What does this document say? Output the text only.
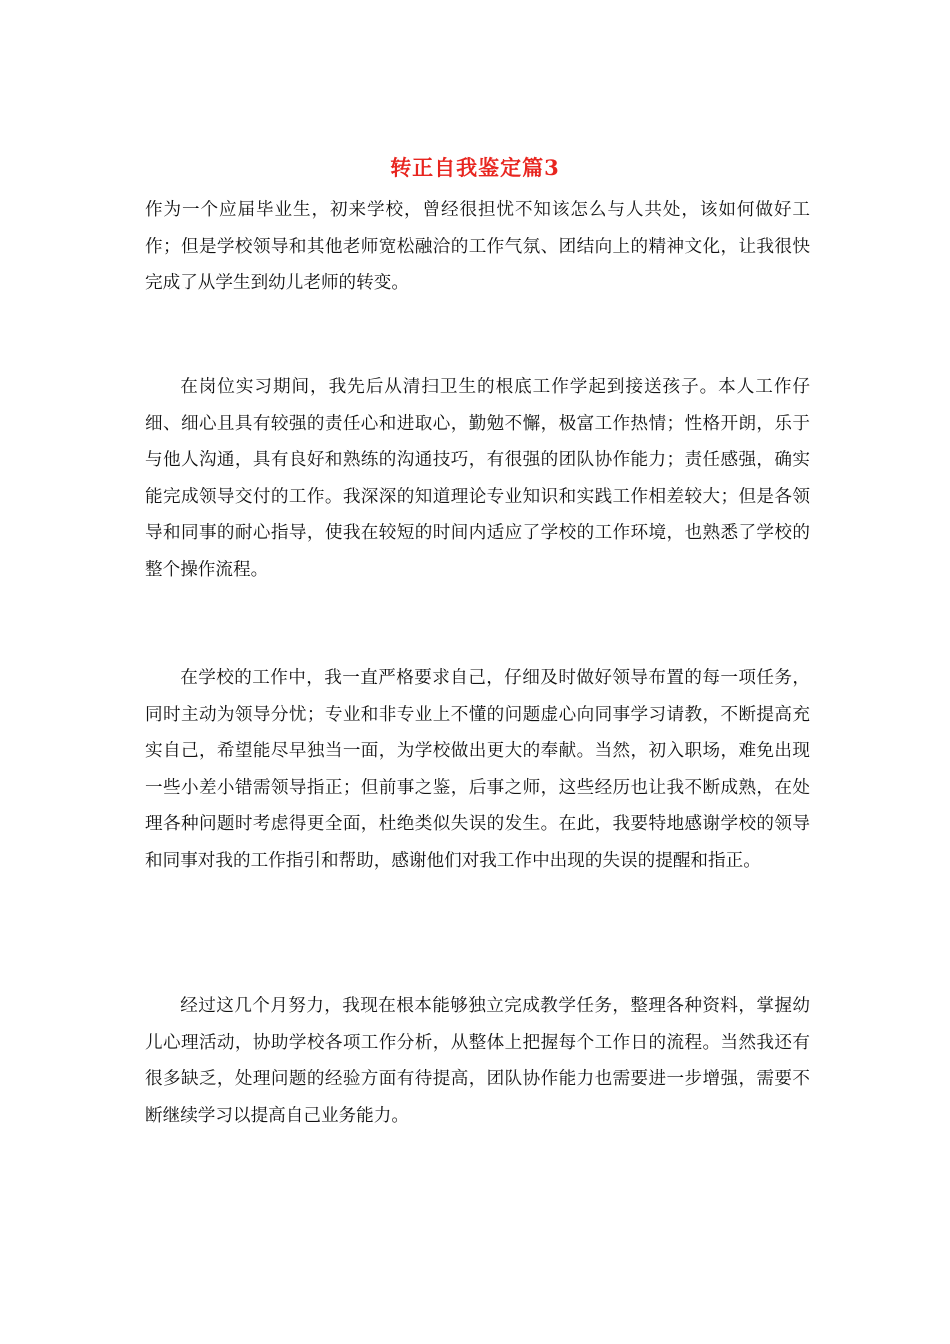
转正自我鉴定篇3

作为一个应届毕业生，初来学校，曾经很担忧不知该怎么与人共处，该如何做好工作；但是学校领导和其他老师宽松融洽的工作气氛、团结向上的精神文化，让我很快完成了从学生到幼儿老师的转变。

在岗位实习期间，我先后从清扫卫生的根底工作学起到接送孩子。本人工作仔细、细心且具有较强的责任心和进取心，勤勉不懈，极富工作热情；性格开朗，乐于与他人沟通，具有良好和熟练的沟通技巧，有很强的团队协作能力；责任感强，确实能完成领导交付的工作。我深深的知道理论专业知识和实践工作相差较大；但是各领导和同事的耐心指导，使我在较短的时间内适应了学校的工作环境，也熟悉了学校的整个操作流程。

在学校的工作中，我一直严格要求自己，仔细及时做好领导布置的每一项任务，同时主动为领导分忧；专业和非专业上不懂的问题虚心向同事学习请教，不断提高充实自己，希望能尽早独当一面，为学校做出更大的奉献。当然，初入职场，难免出现一些小差小错需领导指正；但前事之鉴，后事之师，这些经历也让我不断成熟，在处理各种问题时考虑得更全面，杜绝类似失误的发生。在此，我要特地感谢学校的领导和同事对我的工作指引和帮助，感谢他们对我工作中出现的失误的提醒和指正。

经过这几个月努力，我现在根本能够独立完成教学任务，整理各种资料，掌握幼儿心理活动，协助学校各项工作分析，从整体上把握每个工作日的流程。当然我还有很多缺乏，处理问题的经验方面有待提高，团队协作能力也需要进一步增强，需要不断继续学习以提高自己业务能力。
